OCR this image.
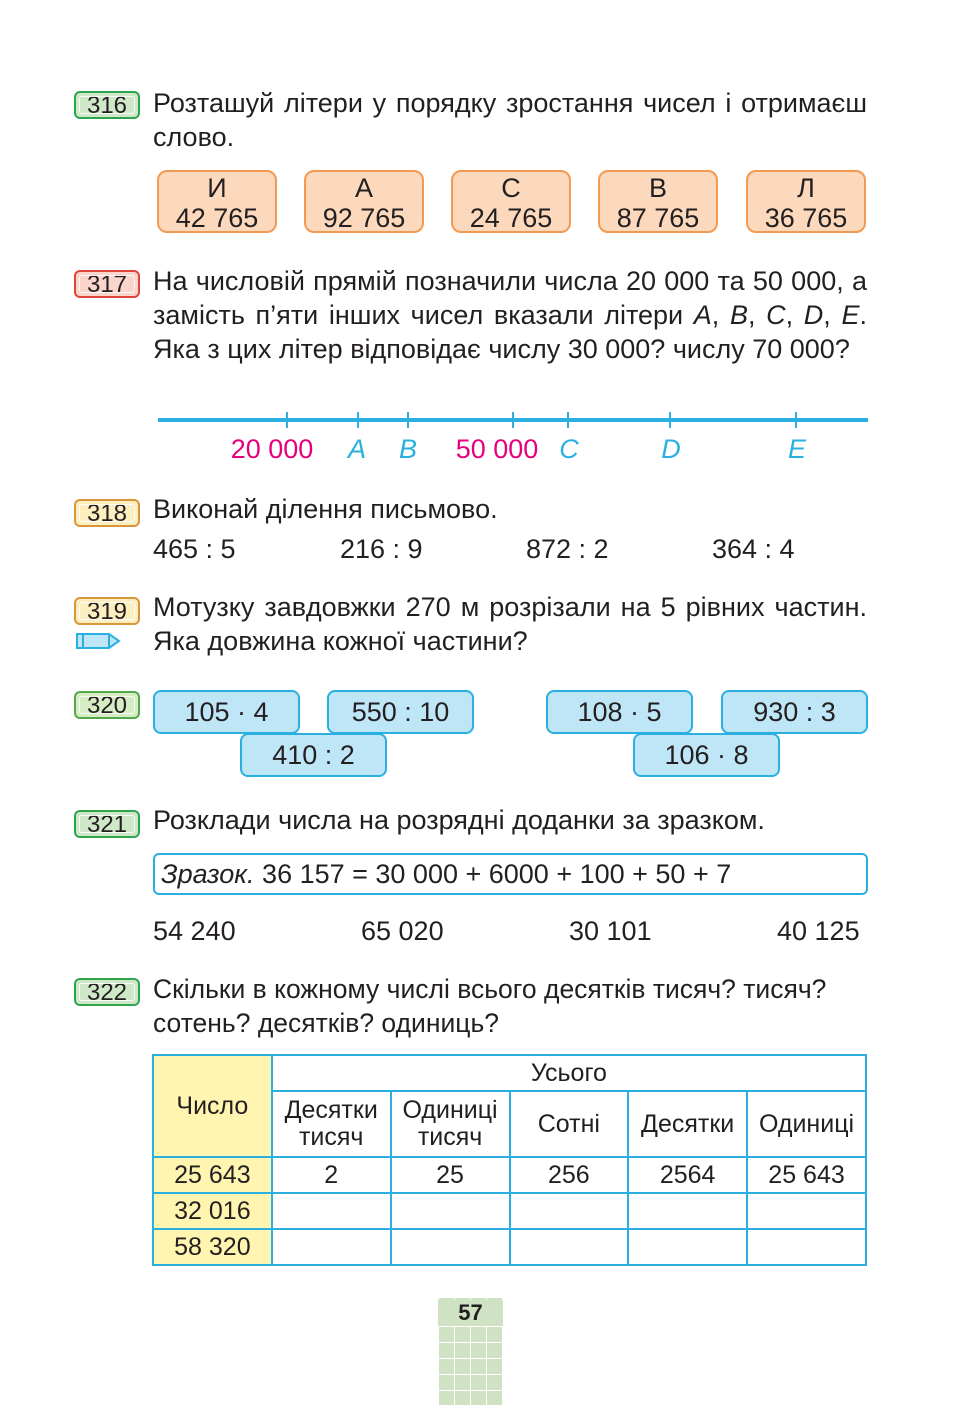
316 Розташуй літери у порядку зростання чисел і отримаєш слово.
И
42 765
А
92 765
С
24 765
В
87 765
Л
36 765
317 На числовій прямій позначили числа 20 000 та 50 000, а замість п’яти інших чисел вказали літери A, B, C, D, E. Яка з цих літер відповідає числу 30 000? числу 70 000?
20 000 A B 50 000 C	D	E
318 Виконай ділення письмово.
465 : 5	216 : 9	872 : 2	364 : 4
319 Мотузку завдовжки 270 м розрізали на 5 рівних частин. Яка довжина кожної частини?
320	105 · 4	550 : 10
410 : 2
108 · 5	930 : 3
106 · 8
321 Розклади числа на розрядні доданки за зразком.
Зразок. 36 157 = 30 000 + 6000 + 100 + 50 + 7
54 240	65 020	30 101	40 125
322 Скільки в кожному числі всього десятків тисяч? тисяч? сотень? десятків? одиниць?
Число	Усього				
	Десятки тисяч	Одиниці тисяч	Сотні	Десятки	Одиниці
25 643	2	25	256	2564	25 643
32 016					
58 320					
57
